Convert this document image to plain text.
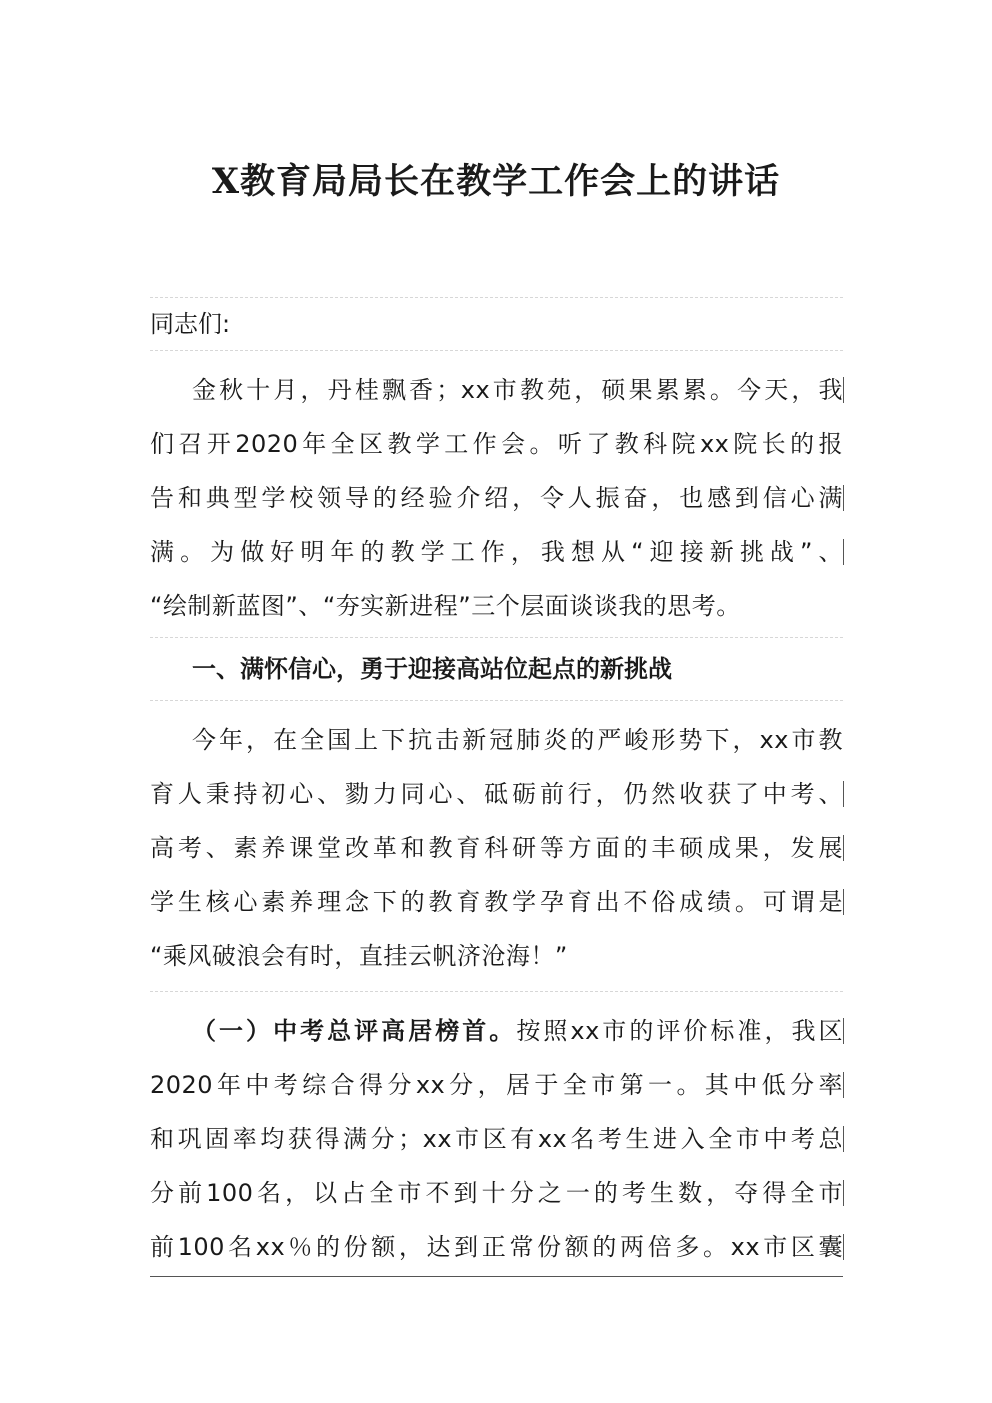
X教育局局长在教学工作会上的讲话
同志们:
金秋十月，丹桂飘香；xx市教苑，硕果累累。今天，我
们召开2020年全区教学工作会。听了教科院xx院长的报
告和典型学校领导的经验介绍，令人振奋，也感到信心满
满。为做好明年的教学工作，我想从“迎接新挑战”、
“绘制新蓝图”、“夯实新进程”三个层面谈谈我的思考。
一、满怀信心，勇于迎接高站位起点的新挑战
今年，在全国上下抗击新冠肺炎的严峻形势下，xx市教
育人秉持初心、勠力同心、砥砺前行，仍然收获了中考、
高考、素养课堂改革和教育科研等方面的丰硕成果，发展
学生核心素养理念下的教育教学孕育出不俗成绩。可谓是
“乘风破浪会有时，直挂云帆济沧海！”
（一）中考总评高居榜首。按照xx市的评价标准，我区
2020年中考综合得分xx分，居于全市第一。其中低分率
和巩固率均获得满分；xx市区有xx名考生进入全市中考总
分前100名，以占全市不到十分之一的考生数，夺得全市
前100名xx％的份额，达到正常份额的两倍多。xx市区囊
